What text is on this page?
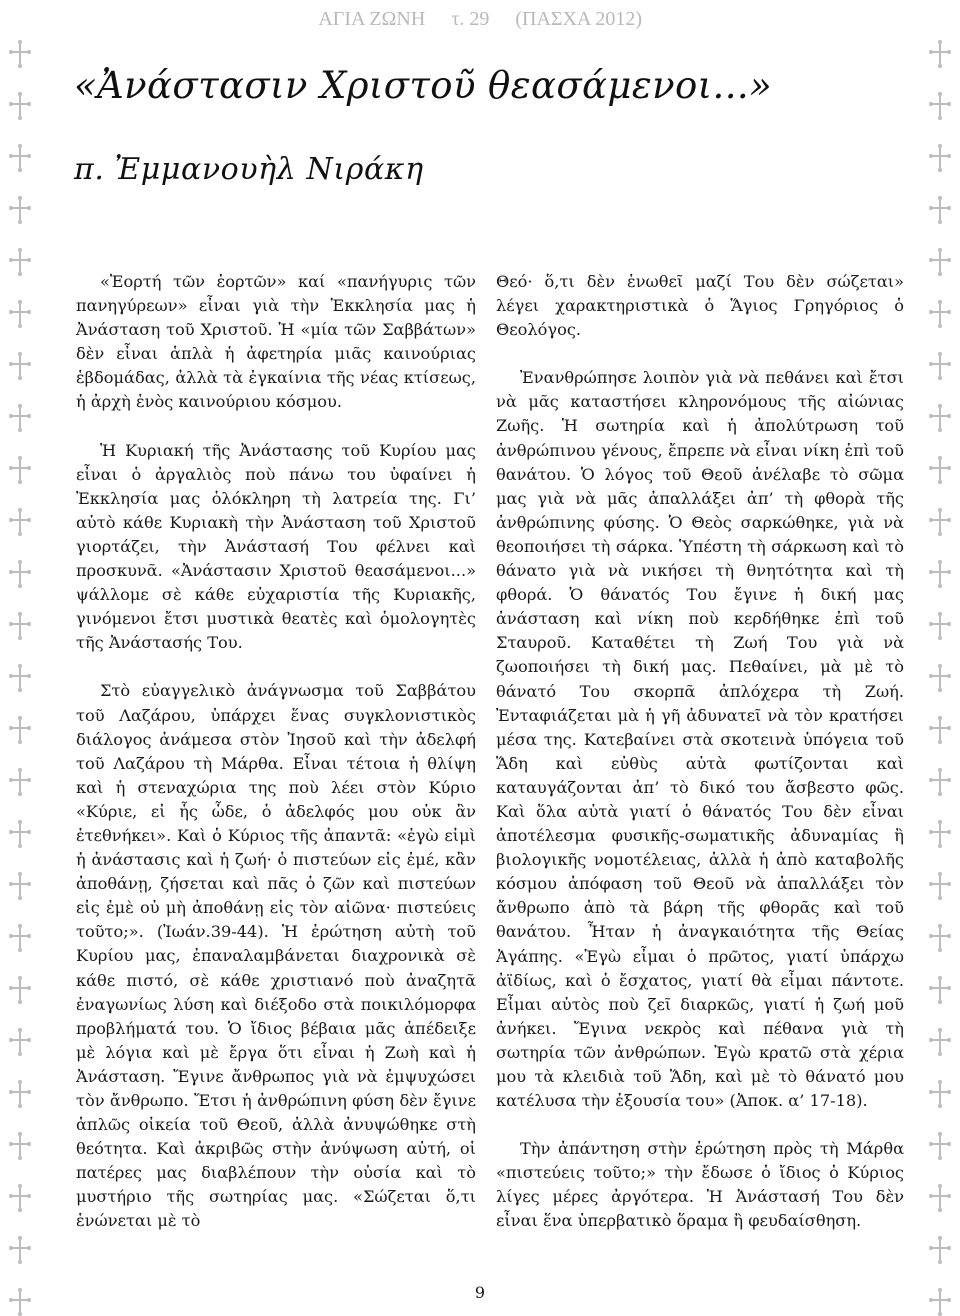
ΑΓΙΑ ΖΩΝΗ τ. 29 (ΠΑΣΧΑ 2012)
«Ἀνάστασιν Χριστοῦ θεασάμενοι...»
π. Ἐμμανουὴλ Νιράκη

«Ἑορτή τῶν ἑορτῶν» καί «πανήγυρις τῶν πανηγύρεων» εἶναι γιὰ τὴν Ἐκκλησία μας ἡ Ἀνάσταση τοῦ Χριστοῦ. Ἡ «μία τῶν Σαββάτων» δὲν εἶναι ἁπλὰ ἡ ἀφετηρία μιᾶς καινούριας ἑβδομάδας, ἀλλὰ τὰ ἐγκαίνια τῆς νέας κτίσεως, ἡ ἀρχὴ ἑνὸς καινούριου κόσμου.

Ἡ Κυριακή τῆς Ἀνάστασης τοῦ Κυρίου μας εἶναι ὁ ἀργαλιὸς ποὺ πάνω του ὑφαίνει ἡ Ἐκκλησία μας ὁλόκληρη τὴ λατρεία της. Γι’ αὐτὸ κάθε Κυριακὴ τὴν Ἀνάσταση τοῦ Χριστοῦ γιορτάζει, τὴν Ἀνάστασή Του φέλνει καὶ προσκυνᾶ. «Ἀνάστασιν Χριστοῦ θεασάμενοι...» ψάλλομε σὲ κάθε εὐχαριστία τῆς Κυριακῆς, γινόμενοι ἔτσι μυστικὰ θεατὲς καὶ ὁμολογητὲς τῆς Ἀνάστασής Του.

Στὸ εὐαγγελικὸ ἀνάγνωσμα τοῦ Σαββάτου τοῦ Λαζάρου, ὑπάρχει ἕνας συγκλονιστικὸς διάλογος ἀνάμεσα στὸν Ἰησοῦ καὶ τὴν ἀδελφή τοῦ Λαζάρου τὴ Μάρθα. Εἶναι τέτοια ἡ θλίψη καὶ ἡ στεναχώρια της ποὺ λέει στὸν Κύριο «Κύριε, εἰ ἧς ὧδε, ὁ ἀδελφός μου οὐκ ἂν ἐτεθνήκει». Καὶ ὁ Κύριος τῆς ἀπαντᾶ: «ἐγὼ εἰμὶ ἡ ἀνάστασις καὶ ἡ ζωή· ὁ πιστεύων εἰς ἐμέ, κἂν ἀποθάνῃ, ζήσεται καὶ πᾶς ὁ ζῶν καὶ πιστεύων εἰς ἐμὲ οὐ μὴ ἀποθάνῃ εἰς τὸν αἰῶνα· πιστεύεις τοῦτο;». (Ἰωάν.39-44). Ἡ ἐρώτηση αὐτὴ τοῦ Κυρίου μας, ἐπαναλαμβάνεται διαχρονικὰ σὲ κάθε πιστό, σὲ κάθε χριστιανό ποὺ ἀναζητᾶ ἐναγωνίως λύση καὶ διέξοδο στὰ ποικιλόμορφα προβλήματά του. Ὁ ἴδιος βέβαια μᾶς ἀπέδειξε μὲ λόγια καὶ μὲ ἔργα ὅτι εἶναι ἡ Ζωὴ καὶ ἡ Ἀνάσταση. Ἔγινε ἄνθρωπος γιὰ νὰ ἐμψυχώσει τὸν ἄνθρωπο. Ἔτσι ἡ ἀνθρώπινη φύση δὲν ἔγινε ἁπλῶς οἰκεία τοῦ Θεοῦ, ἀλλὰ ἀνυψώθηκε στὴ θεότητα. Καὶ ἀκριβῶς στὴν ἀνύψωση αὐτή, οἱ πατέρες μας διαβλέπουν τὴν οὐσία καὶ τὸ μυστήριο τῆς σωτηρίας μας. «Σώζεται ὅ,τι ἑνώνεται μὲ τὸ

Θεό· ὅ,τι δὲν ἑνωθεῖ μαζί Του δὲν σώζεται» λέγει χαρακτηριστικὰ ὁ Ἅγιος Γρηγόριος ὁ Θεολόγος.

Ἐνανθρώπησε λοιπὸν γιὰ νὰ πεθάνει καὶ ἔτσι νὰ μᾶς καταστήσει κληρονόμους τῆς αἰώνιας Ζωῆς. Ἡ σωτηρία καὶ ἡ ἀπολύτρωση τοῦ ἀνθρώπινου γένους, ἔπρεπε νὰ εἶναι νίκη ἐπὶ τοῦ θανάτου. Ὁ λόγος τοῦ Θεοῦ ἀνέλαβε τὸ σῶμα μας γιὰ νὰ μᾶς ἀπαλλάξει ἀπ’ τὴ φθορὰ τῆς ἀνθρώπινης φύσης. Ὁ Θεὸς σαρκώθηκε, γιὰ νὰ θεοποιήσει τὴ σάρκα. Ὑπέστη τὴ σάρκωση καὶ τὸ θάνατο γιὰ νὰ νικήσει τὴ θνητότητα καὶ τὴ φθορά. Ὁ θάνατός Του ἔγινε ἡ δική μας ἀνάσταση καὶ νίκη ποὺ κερδήθηκε ἐπὶ τοῦ Σταυροῦ. Καταθέτει τὴ Ζωή Του γιὰ νὰ ζωοποιήσει τὴ δική μας. Πεθαίνει, μὰ μὲ τὸ θάνατό Του σκορπᾶ ἀπλόχερα τὴ Ζωή. Ἐνταφιάζεται μὰ ἡ γῆ ἀδυνατεῖ νὰ τὸν κρατήσει μέσα της. Κατεβαίνει στὰ σκοτεινὰ ὑπόγεια τοῦ Ἅδη καὶ εὐθὺς αὐτὰ φωτίζονται καὶ καταυγάζονται ἀπ’ τὸ δικό του ἄσβεστο φῶς. Καὶ ὅλα αὐτὰ γιατί ὁ θάνατός Του δὲν εἶναι ἀποτέλεσμα φυσικῆς-σωματικῆς ἀδυναμίας ἢ βιολογικῆς νομοτέλειας, ἀλλὰ ἡ ἀπὸ καταβολῆς κόσμου ἀπόφαση τοῦ Θεοῦ νὰ ἀπαλλάξει τὸν ἄνθρωπο ἀπὸ τὰ βάρη τῆς φθορᾶς καὶ τοῦ θανάτου. Ἦταν ἡ ἀναγκαιότητα τῆς Θείας Ἀγάπης. «Ἐγὼ εἶμαι ὁ πρῶτος, γιατί ὑπάρχω ἀϊδίως, καὶ ὁ ἔσχατος, γιατί θὰ εἶμαι πάντοτε. Εἶμαι αὐτὸς ποὺ ζεῖ διαρκῶς, γιατί ἡ ζωή μοῦ ἀνήκει. Ἔγινα νεκρὸς καὶ πέθανα γιὰ τὴ σωτηρία τῶν ἀνθρώπων. Ἐγὼ κρατῶ στὰ χέρια μου τὰ κλειδιὰ τοῦ Ἅδη, καὶ μὲ τὸ θάνατό μου κατέλυσα τὴν ἐξουσία του» (Ἀποκ. α’ 17-18).

Τὴν ἀπάντηση στὴν ἐρώτηση πρὸς τὴ Μάρθα «πιστεύεις τοῦτο;» τὴν ἔδωσε ὁ ἴδιος ὁ Κύριος λίγες μέρες ἀργότερα. Ἡ Ἀνάστασή Του δὲν εἶναι ἕνα ὑπερβατικὸ ὅραμα ἢ φευδαίσθηση.

9
